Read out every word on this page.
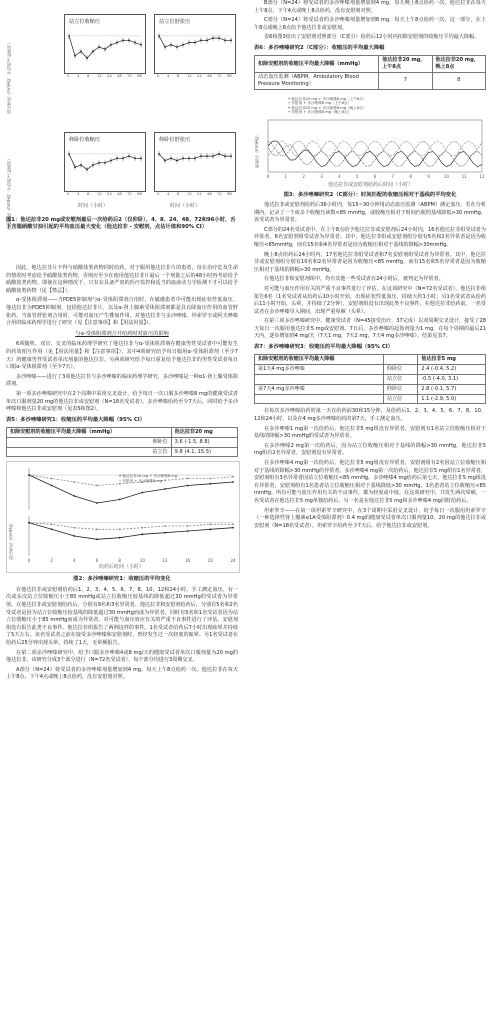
血压变化（mmHg，平均值±标准误）
血压变化（mmHg，平均值±标准误）
站立位收缩压	站立位舒张压
仰卧位收缩压	仰卧位舒张压
时间（小时）	时间（小时）
图1：他达拉非20 mg或安慰剂最后一次给药后2（仅仰卧）、4、8、24、48、72和96小时，舌下含服硝酸甘油引起的平均血压最大变化（他达拉非 - 安慰剂，点估计值和90% CI）
0 4 8 12 24 48 72 96
0 4 8 12 24 48 72 96
0 4 8 12 24 48 72 96
0 4 8 12 24 48 72 96

因此，他达拉非片不得与硝酸盐类药物同时给药。对于服用他达拉非片的患者，仅在治疗危及生命的情况时考虑给予硝酸盐类药物，否则应至少在使用他达拉非片最后一个剂量之后的48小时再考虑给予硝酸盐类药物。即使在这种情况下，只有在具备严密的医疗监控和适当的血液动力学检测下才可以给予硝酸盐类药物（见【禁忌】）。

α-受体阻滞剂——当PDE5抑制剂与α-受体阻滞剂合用时，在敏感患者中可能出现症状性低血压。他达拉非为PDE5抑制剂，包括他达拉非片，以及α-肾上腺素受体阻滞剂都是具有降血压作用的血管舒张药。当血管舒张剂合用时，可能对血压产生叠加作用。对他达拉非与多沙唑嗪、坦索罗辛或阿夫唑嗪合用的临床药理学进行了研究（见【注意事项】和【用法用量】）。

与α-受体阻滞剂合并给药时对血压的影响

6项随机、双盲、交叉的临床药理学研究了他达拉非与α-受体阻滞剂在健康男性受试者中可能发生的药效相互作用（见【用法用量】和【注意事项】）。其中4项研究给予每日服用α-受体阻滞剂（至少7天）的健康男性受试者单次剂量的他达拉非。另两项研究给予每日重复给予他达拉非的男性受试者每日口服α-受体阻滞剂（至少7天）。

多沙唑嗪——进行了3项他达拉非与多沙唑嗪的临床药理学研究，多沙唑嗪是一种α1-肾上腺受体阻滞剂。

第一项多沙唑嗪研究中在2个周期中采用交叉设计，给予每日一次口服多沙唑嗪8 mg的健康受试者单次口服剂量20 mg的他达拉非或安慰剂（N=18名受试者）。多沙唑嗪给药至少7天后，同时给予多沙唑嗪和他达拉非或安慰剂（见表5和图2）。

表5：多沙唑嗪研究1：收缩压的平均最大降幅（95% CI）
扣除安慰剂的收缩压平均最大降幅（mmHg）	他达拉非20 mg
仰卧位	3.6 (-1.5, 8.8)
站立位	9.8 (4.1, 15.5)
血压变化（mmHg）
0	2	4	6	8	10	12	16	20	24
━ 他达拉非20 mg + 多沙唑嗪8 mg
┅ 安慰剂 + 多沙唑嗪8 mg
给药后时间（小时）
图2：多沙唑嗪研究1：收缩压的平均变化

在他达拉非或安慰剂给药后1、2、3、4、5、6、7、8、10、12和24小时，手工测定血压。有一次或多次站立位收缩压小于85 mmHg或站立位收缩压较基线的降低超过30 mmHg的受试者为异常值。在他达拉非或安慰剂给药后，分别有9名和3名异常者。他达拉非和安慰剂给药后，分别有5名和2名受试者是因为站立位收缩压较基线的降低超过30 mmHg而成为异常者，同时有5名和1名受试者因为站立位收缩压小于85 mmHg而成为异常者。对可能与血压效应有关的严重不良事件进行了评估。安慰剂组没有报告此类不良事件。他达拉非组报告了两例这样的事件。1名受试者给药后7小时出现眩晕并持续了5天左右。该名受试者之前在接受多沙唑嗪和安慰剂时，曾经发生过一次轻度的眩晕。另1名受试者在给药后25分钟出现头晕，持续了1天，无晕厥报告。

在第二项多沙唑嗪研究中，给予口服多沙唑嗪4或8 mg/天的健康受试者单次口服剂量为20 mg的他达拉非，该研究分成3个部分进行（N=72名受试者），每个部分均进行3周期交叉。

A部分（N=24）将受试者的多沙唑嗪剂量增加到4 mg，每天上午8点给药一次。他达拉非在每天上午8点、下午4点或晚上8点给药，没有安慰剂对照。

B部分（N=24）将受试者的多沙唑嗪剂量增加到4 mg，每天晚上8点给药一次。他达拉非在每天上午8点、下午4点或晚上8点给药，没有安慰剂对照。

C部分（N=24）将受试者的多沙唑嗪剂量增加到8 mg，每天上午8点给药一次。这一部分，在上午8点或晚上8点给予他达拉非或安慰剂。

表6和图3给出了安慰剂对照部分（C部分）给药后12小时内扣除安慰剂的收缩压平均最大降幅。

表6：多沙唑嗪研究2（C部分）：收缩压的平均最大降幅
扣除安慰剂的收缩压平均最大降幅（mmHg）	他达拉非20 mg，上午8点	他达拉非20 mg，晚上8点
动态血压监测（ABPM，Ambulatory Blood Pressure Monitoring）	7	8
收缩压（mmHg）
0	1	2	3	4	5	6	7	8	9	10	11	12
━ 他达拉非20 mg + 多沙唑嗪8 mg（上午8点）
┅ 安慰剂 + 多沙唑嗪8 mg（上午8点）
━ 他达拉非20 mg + 多沙唑嗪8 mg（晚上8点）
┅ 安慰剂 + 多沙唑嗪8 mg（晚上8点）
他达拉非或安慰剂给药后时间（小时）
图3：多沙唑嗪研究2（C部分）：时间匹配的收缩压相对于基线的平均变化

他达拉非或安慰剂给药后36小时内，每15~30分钟用动态血压监测（ABPM）测定血压。若在分析期内，记录了一个或多个收缩压读数<85 mmHg，或收缩压相对于时间匹配的基线降低>30 mmHg，该受试者为异常者。

C部分的24名受试者中，在上午8点给予他达拉非或安慰剂后24小时内，16名他达拉非组受试者为异常者，6名安慰剂组受试者为异常者。其中，他达拉非组或安慰剂组分别有5名和2名异常者是因为收缩压<85mmHg，而有15名和4名异常者是因为收缩压相对于基线的降幅>30mmHg。

晚上8点给药后24小时内，17名他达拉非组受试者和7名安慰剂组受试者为异常者。其中，他达拉非或安慰剂组分别有10名和2名异常者是因为收缩压<85 mmHg，而有15名和5名异常者是因为收缩压相对于基线的降幅>30 mmHg。

在他达拉非和安慰剂组中，均有其他一些受试者在24小时后，被判定为异常者。

对可能与血压作用有关的严重不良事件进行了评估。在这项研究中（N=72名受试者），他达拉非组报告6名（1名受试者从给药后10小时开始，出现症状性低血压，持续大约1小时；另1名受试者从给药后11小时开始，头晕，并持续了2分钟），安慰剂组没有出现此类不良事件。在他达拉非给药前，一名受试者在多沙唑嗪导入期间，出现严重晕厥（头晕）。

在第三项多沙唑嗪研究中，健康受试者（N=45接受治疗，37完成）以双周期交叉设计，接受了28天每日一次服用他达拉非5 mg或安慰剂。7日后，多沙唑嗪的起始剂量为1 mg，在每个周期的最后21天内，逐步增加到4 mg/天（7天1 mg，7天2 mg，7天4 mg多沙唑嗪）。结果见表7。

表7：多沙唑嗪研究3：收缩压的平均最大降幅（95% CI）
扣除安慰剂的收缩压平均最大降幅		他达拉非5 mg
第1天4 mg多沙唑嗪	仰卧位	2.4 (-0.4, 5.2)
	站立位	-0.5 (-4.0, 3.1)
第7天4 mg多沙唑嗪	仰卧位	2.8 (-0.1, 5.7)
	站立位	1.1 (-2.9, 5.0)

在每次多沙唑嗪给药的第一天在给药前30和15分钟，及给药后1、2、3、4、5、6、7、8、10、12和24小时，以及在4 mg多沙唑嗪给药的第7天，手工测定血压。

在多沙唑嗪1 mg第一次给药后，他达拉非5 mg组没有异常者，安慰剂有1名站立位收缩压相对于基线的降幅>30 mmHg的受试者为异常者。

在多沙唑嗪2 mg第一次给药后，因为站立位收缩压相对于基线的降幅>30 mmHg，他达拉非5 mg组有2名异常者，安慰剂没有异常者。

在多沙唑嗪4 mg第一次给药后，他达拉非5 mg组没有异常者，安慰剂组有2名因站立位收缩压相对于基线的降幅>30 mmHg的异常者。多沙唑嗪4 mg第一次给药后，他达拉非5 mg组有1名异常者，安慰剂组有3名异常者因站立位收缩压<85 mmHg。多沙唑嗪4 mg给药后第七天，他达拉非5 mg组没有异常者，安慰剂组有1名患者站立位收缩压相对于基线降低>30 mmHg，1名患者站立位收缩压<85 mmHg。所有可能与血压作用有关的不良事件，都为轻度或中度。在这项研究中，共发生两次晕厥，一名受试者在他达拉非5 mg单独给药后，另一名是在他达拉非5 mg和多沙唑嗪4 mg同时给药后。

坦索罗辛——在第一项坦索罗辛研究中，在3个周期中采用交叉设计，给予每日一次服用坦索罗辛（一种选择性肾上腺素α1A受体阻滞剂）0.4 mg的健康受试者单次口服剂量10、20 mg的他达拉非或安慰剂（N=18名受试者）。坦索罗辛给药至少7天后，给予他达拉非或安慰剂。
